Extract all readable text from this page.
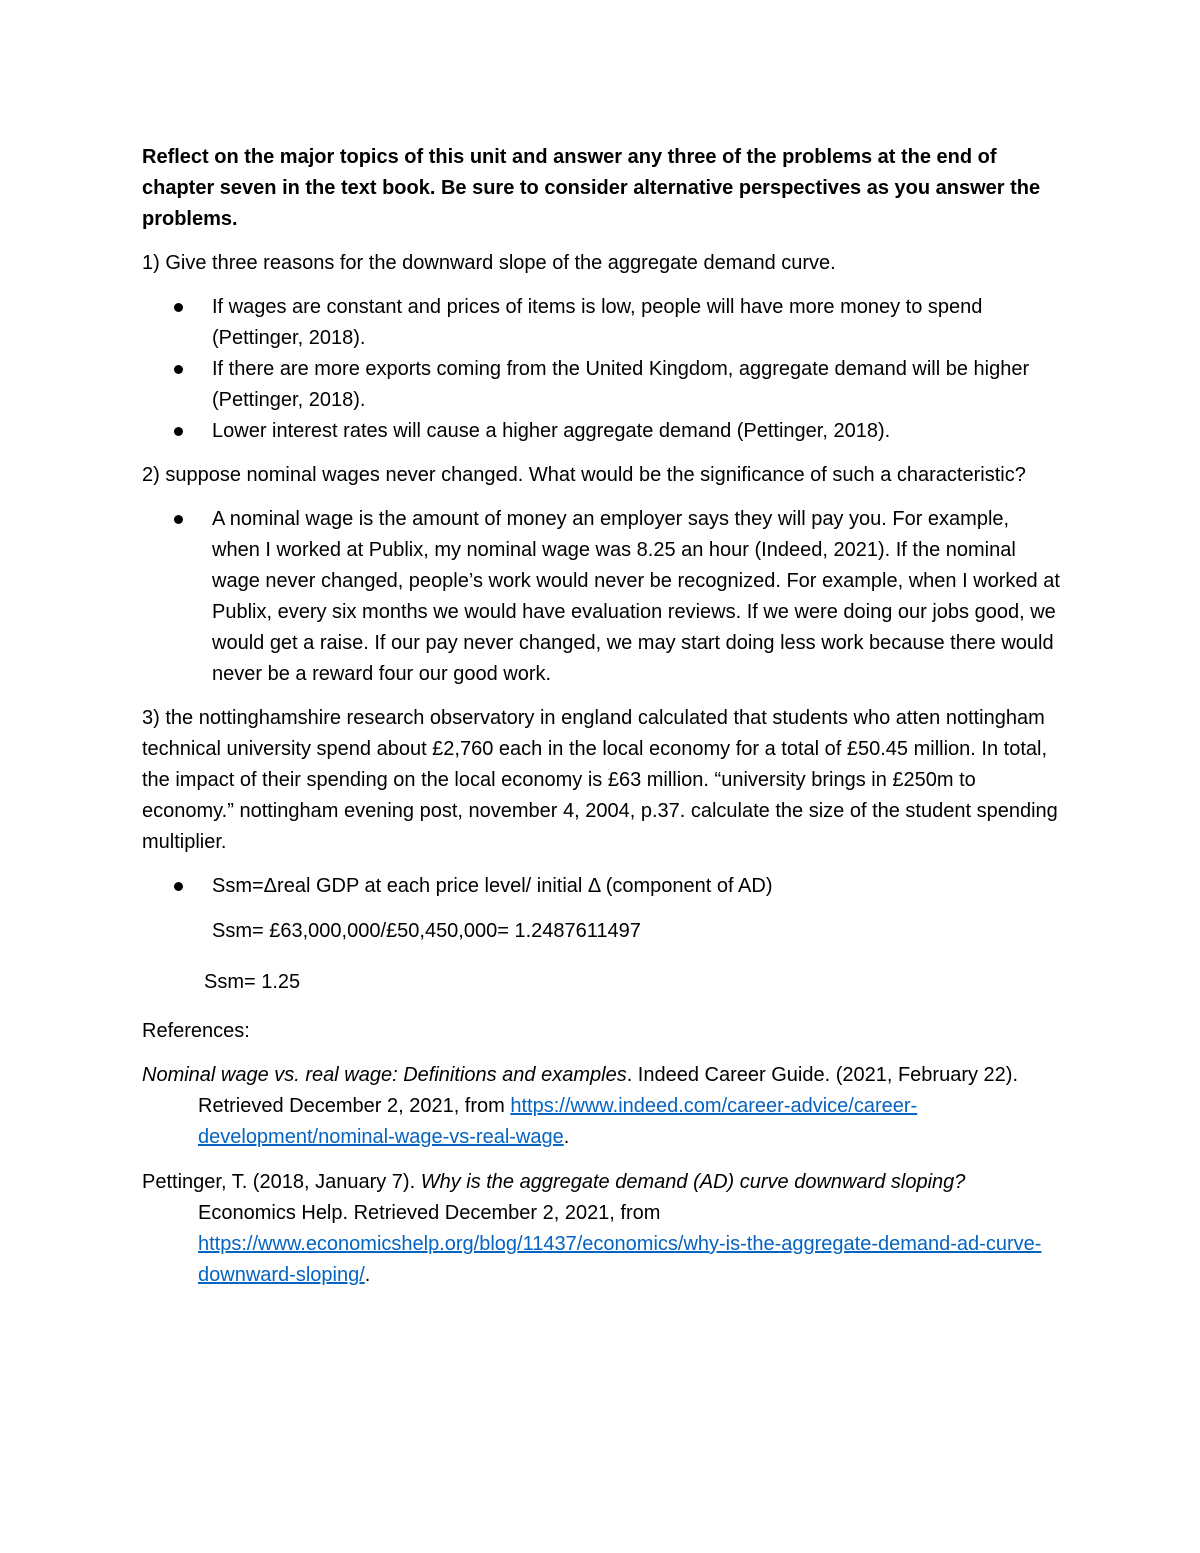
Reflect on the major topics of this unit and answer any three of the problems at the end of chapter seven in the text book. Be sure to consider alternative perspectives as you answer the problems.

1) Give three reasons for the downward slope of the aggregate demand curve.

If wages are constant and prices of items is low, people will have more money to spend (Pettinger, 2018).
If there are more exports coming from the United Kingdom, aggregate demand will be higher (Pettinger, 2018).
Lower interest rates will cause a higher aggregate demand (Pettinger, 2018).

2) suppose nominal wages never changed. What would be the significance of such a characteristic?

A nominal wage is the amount of money an employer says they will pay you. For example, when I worked at Publix, my nominal wage was 8.25 an hour (Indeed, 2021). If the nominal wage never changed, people’s work would never be recognized. For example, when I worked at Publix, every six months we would have evaluation reviews. If we were doing our jobs good, we would get a raise. If our pay never changed, we may start doing less work because there would never be a reward four our good work.

3) the nottinghamshire research observatory in england calculated that students who atten nottingham technical university spend about £2,760 each in the local economy for a total of £50.45 million. In total, the impact of their spending on the local economy is £63 million. “university brings in £250m to economy.” nottingham evening post, november 4, 2004, p.37. calculate the size of the student spending multiplier.

Ssm=Δreal GDP at each price level/ initial Δ (component of AD)

Ssm= £63,000,000/£50,450,000= 1.2487611497

Ssm= 1.25

References:

Nominal wage vs. real wage: Definitions and examples. Indeed Career Guide. (2021, February 22). Retrieved December 2, 2021, from https://www.indeed.com/career-advice/career-development/nominal-wage-vs-real-wage.

Pettinger, T. (2018, January 7). Why is the aggregate demand (AD) curve downward sloping? Economics Help. Retrieved December 2, 2021, from https://www.economicshelp.org/blog/11437/economics/why-is-the-aggregate-demand-ad-curve-downward-sloping/.
